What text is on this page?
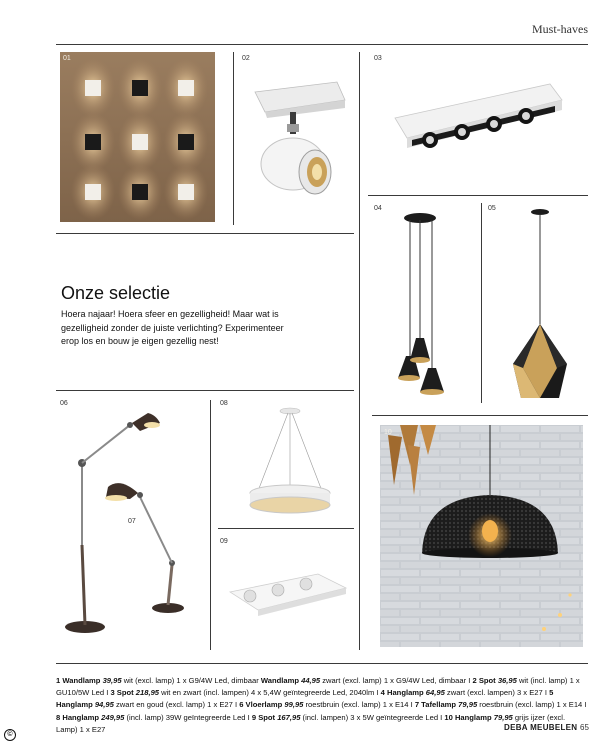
Must-haves
01	02	03
04	05
Onze selectie
Hoera najaar! Hoera sfeer en gezelligheid! Maar wat is gezelligheid zonder de juiste verlichting? Experimenteer erop los en bouw je eigen gezellig nest!
06
07
08
09
10
1 Wandlamp 39,95 wit (excl. lamp) 1 x G9/4W Led, dimbaar Wandlamp 44,95 zwart (excl. lamp) 1 x G9/4W Led, dimbaar I 2 Spot 36,95 wit (incl. lamp) 1 x GU10/5W Led I 3 Spot 218,95 wit en zwart (incl. lampen) 4 x 5,4W geïntegreerde Led, 2040lm I 4 Hanglamp 64,95 zwart (excl. lampen) 3 x E27 I 5 Hanglamp 94,95 zwart en goud (excl. lamp) 1 x E27 I 6 Vloerlamp 99,95 roestbruin (excl. lamp) 1 x E14 I 7 Tafellamp 79,95 roestbruin (excl. lamp) 1 x E14 I 8 Hanglamp 249,95 (incl. lamp) 39W geïntegreerde Led I 9 Spot 167,95 (incl. lampen) 3 x 5W geïntegreerde Led I 10 Hanglamp 79,95 grijs ijzer (excl. Lamp) 1 x E27	DEBA MEUBELEN 65
©
